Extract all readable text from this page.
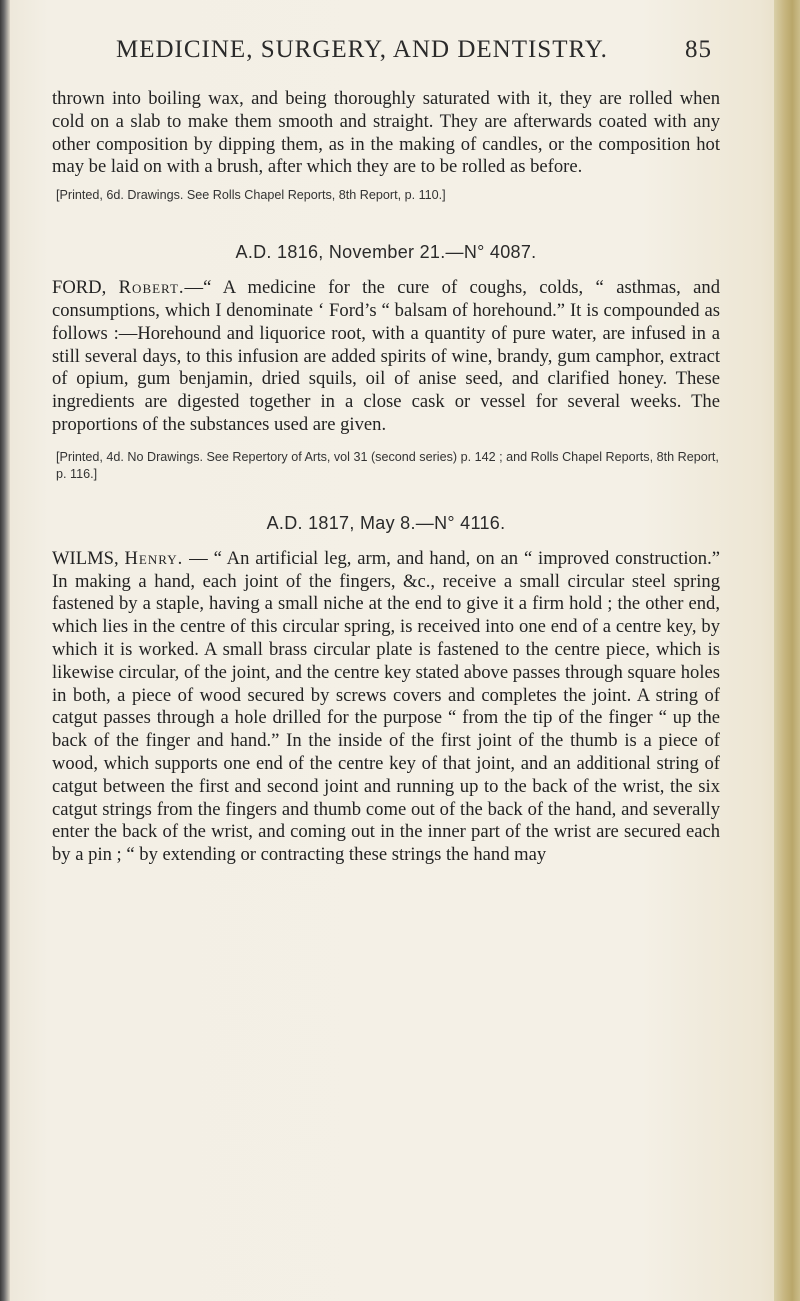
MEDICINE, SURGERY, AND DENTISTRY.	85

thrown into boiling wax, and being thoroughly saturated with it, they are rolled when cold on a slab to make them smooth and straight. They are afterwards coated with any other composition by dipping them, as in the making of candles, or the composition hot may be laid on with a brush, after which they are to be rolled as before.

[Printed, 6d. Drawings. See Rolls Chapel Reports, 8th Report, p. 110.]
A.D. 1816, November 21.—N° 4087.

FORD, Robert.—“ A medicine for the cure of coughs, colds, “ asthmas, and consumptions, which I denominate ‘ Ford’s “ balsam of horehound.” It is compounded as follows :—Horehound and liquorice root, with a quantity of pure water, are infused in a still several days, to this infusion are added spirits of wine, brandy, gum camphor, extract of opium, gum benjamin, dried squils, oil of anise seed, and clarified honey. These ingredients are digested together in a close cask or vessel for several weeks. The proportions of the substances used are given.

[Printed, 4d. No Drawings. See Repertory of Arts, vol 31 (second series) p. 142 ; and Rolls Chapel Reports, 8th Report, p. 116.]
A.D. 1817, May 8.—N° 4116.

WILMS, Henry. — “ An artificial leg, arm, and hand, on an “ improved construction.” In making a hand, each joint of the fingers, &c., receive a small circular steel spring fastened by a staple, having a small niche at the end to give it a firm hold ; the other end, which lies in the centre of this circular spring, is received into one end of a centre key, by which it is worked. A small brass circular plate is fastened to the centre piece, which is likewise circular, of the joint, and the centre key stated above passes through square holes in both, a piece of wood secured by screws covers and completes the joint. A string of catgut passes through a hole drilled for the purpose “ from the tip of the finger “ up the back of the finger and hand.” In the inside of the first joint of the thumb is a piece of wood, which supports one end of the centre key of that joint, and an additional string of catgut between the first and second joint and running up to the back of the wrist, the six catgut strings from the fingers and thumb come out of the back of the hand, and severally enter the back of the wrist, and coming out in the inner part of the wrist are secured each by a pin ; “ by extending or contracting these strings the hand may
